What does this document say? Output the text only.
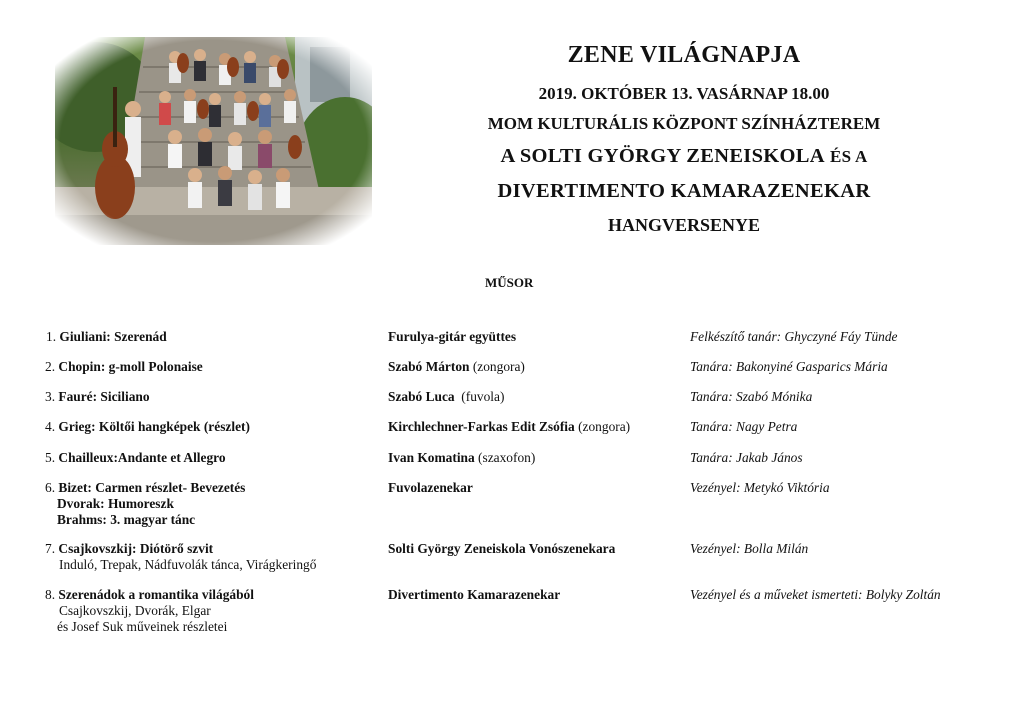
ZENE VILÁGNAPJA
2019. OKTÓBER 13. VASÁRNAP 18.00
MOM KULTURÁLIS KÖZPONT SZÍNHÁZTEREM
A SOLTI GYÖRGY ZENEISKOLA ÉS A
DIVERTIMENTO KAMARAZENEKAR
HANGVERSENYE
MŰSOR
1. Giuliani: Szerenád	Furulya-gitár együttes	Felkészítő tanár: Ghyczyné Fáy Tünde
2. Chopin: g-moll Polonaise	Szabó Márton (zongora)	Tanára: Bakonyiné Gasparics Mária
3. Fauré: Siciliano	Szabó Luca (fuvola)	Tanára: Szabó Mónika
4. Grieg: Költői hangképek (részlet)	Kirchlechner-Farkas Edit Zsófia (zongora)	Tanára: Nagy Petra
5. Chailleux:Andante et Allegro	Ivan Komatina (szaxofon)	Tanára: Jakab János
6. Bizet: Carmen részlet- Bevezetés
Dvorak: Humoreszk
Brahms: 3. magyar tánc
Fuvolazenekar	Vezényel: Metykó Viktória
7. Csajkovszkij: Diótörő szvit
Induló, Trepak, Nádfuvolák tánca, Virágkeringő
Solti György Zeneiskola Vonószenekara	Vezényel: Bolla Milán
8. Szerenádok a romantika világából
Csajkovszkij, Dvorák, Elgar
és Josef Suk műveinek részletei
Divertimento Kamarazenekar	Vezényel és a műveket ismerteti: Bolyky Zoltán
